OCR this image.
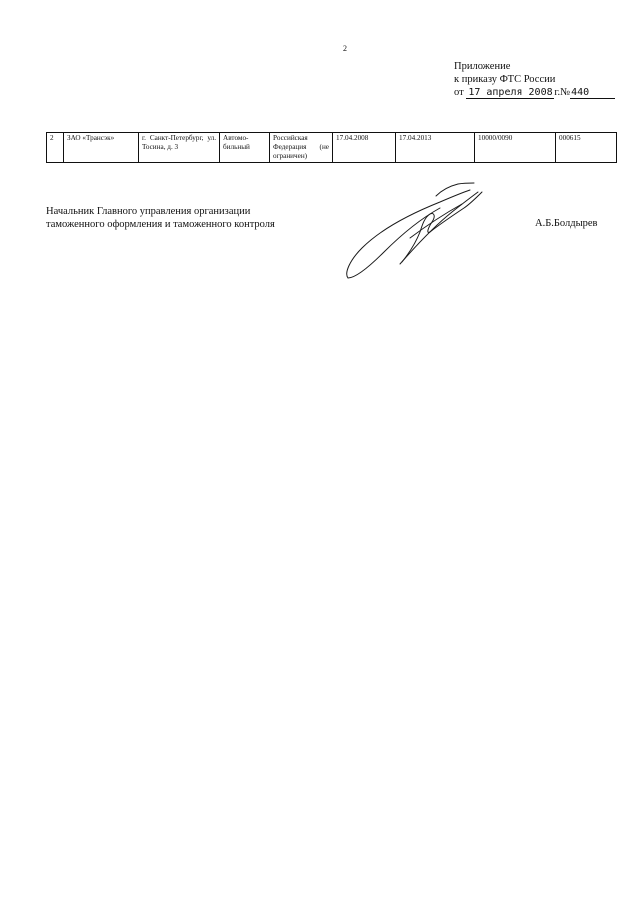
2
Приложение
к приказу ФТС России
от 17 апреля 2008 г.№440
2	ЗАО «Трансэк»	г. Санкт-Петербург, ул. Тосина, д. 3	Автомо-бильный	Российская Федерация (не ограничен)	17.04.2008	17.04.2013	10000/0090	000615
Начальник Главного управления организации
таможенного оформления и таможенного контроля	А.Б.Болдырев
